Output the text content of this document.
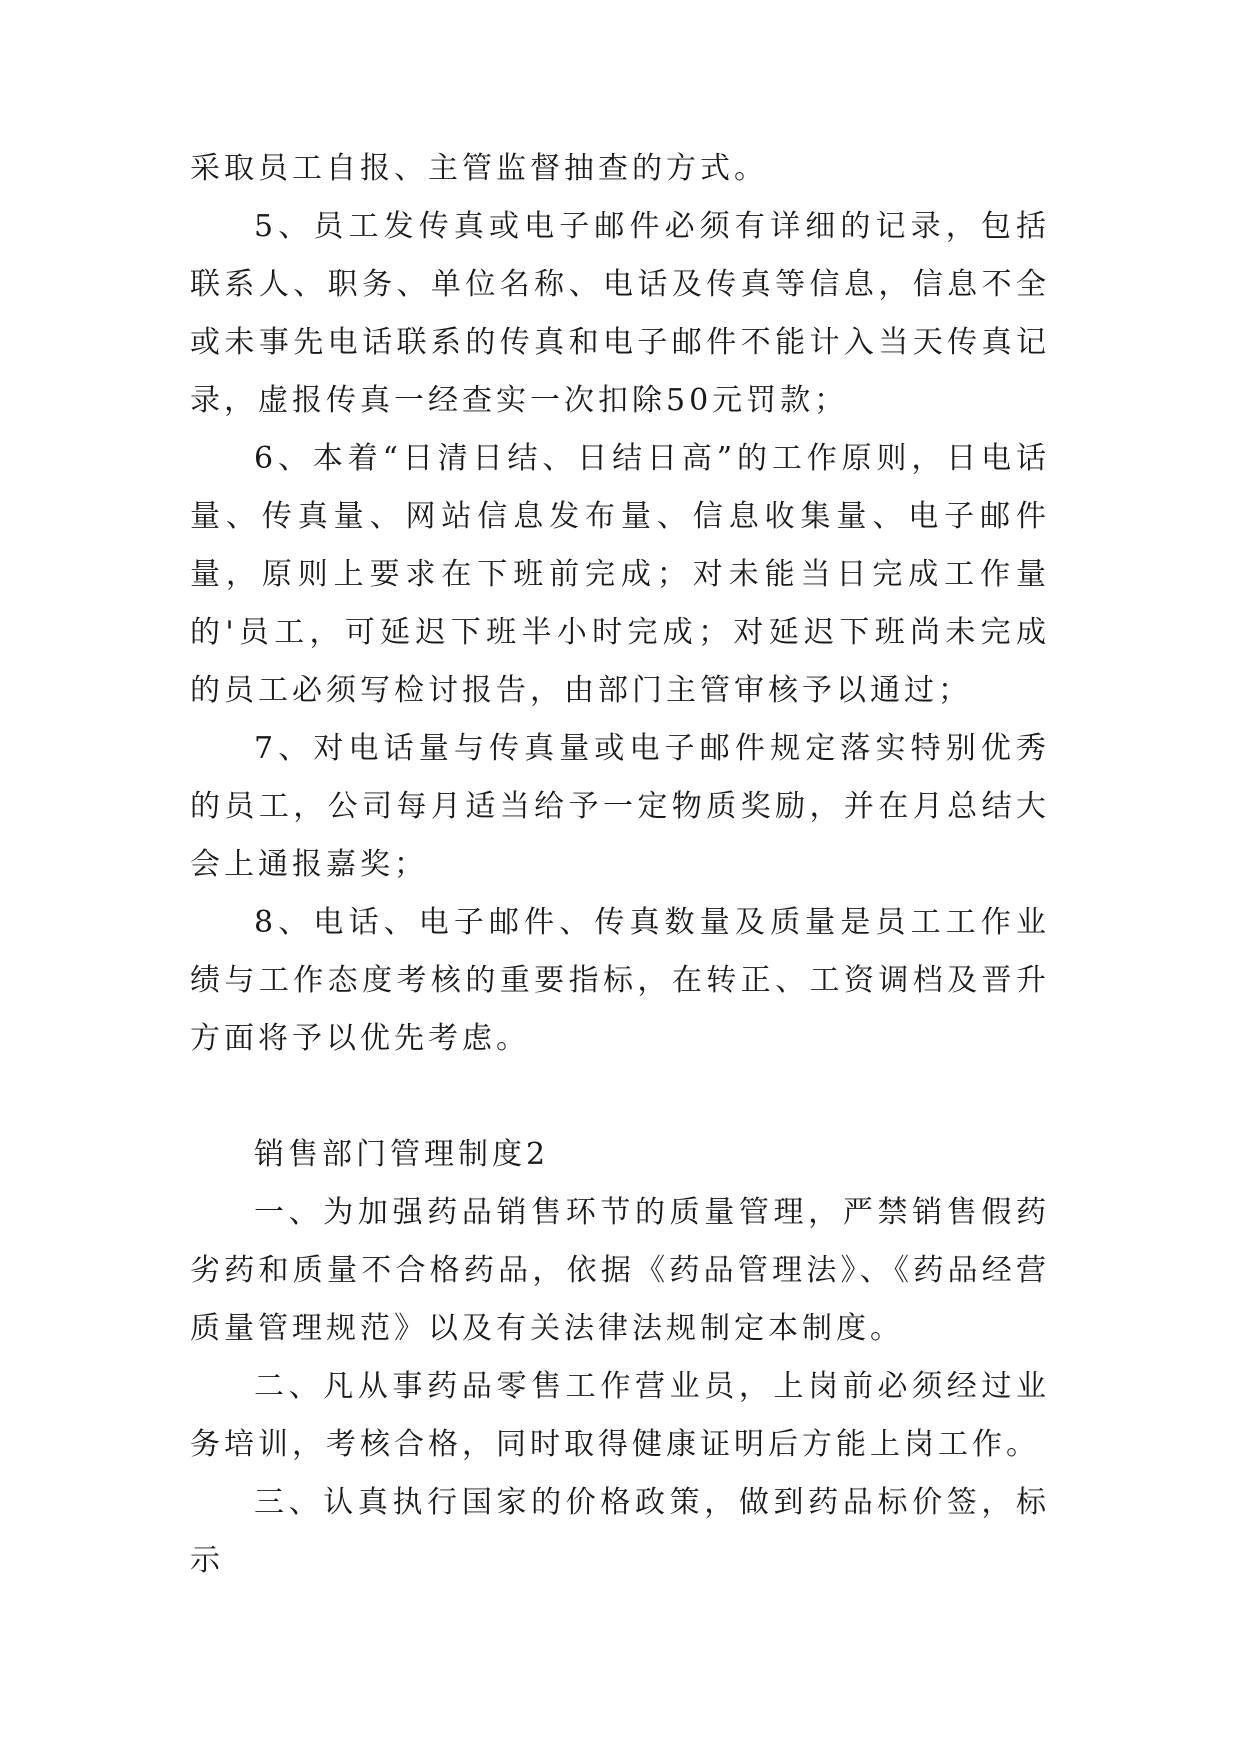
采取员工自报、主管监督抽查的方式。

5、员工发传真或电子邮件必须有详细的记录，包括联系人、职务、单位名称、电话及传真等信息，信息不全或未事先电话联系的传真和电子邮件不能计入当天传真记录，虚报传真一经查实一次扣除50元罚款；

6、本着“日清日结、日结日高”的工作原则，日电话量、传真量、网站信息发布量、信息收集量、电子邮件量，原则上要求在下班前完成；对未能当日完成工作量的'员工，可延迟下班半小时完成；对延迟下班尚未完成的员工必须写检讨报告，由部门主管审核予以通过；

7、对电话量与传真量或电子邮件规定落实特别优秀的员工，公司每月适当给予一定物质奖励，并在月总结大会上通报嘉奖；

8、电话、电子邮件、传真数量及质量是员工工作业绩与工作态度考核的重要指标，在转正、工资调档及晋升方面将予以优先考虑。

销售部门管理制度2

一、为加强药品销售环节的质量管理，严禁销售假药劣药和质量不合格药品，依据《药品管理法》、《药品经营质量管理规范》以及有关法律法规制定本制度。

二、凡从事药品零售工作营业员，上岗前必须经过业务培训，考核合格，同时取得健康证明后方能上岗工作。

三、认真执行国家的价格政策，做到药品标价签，标示
